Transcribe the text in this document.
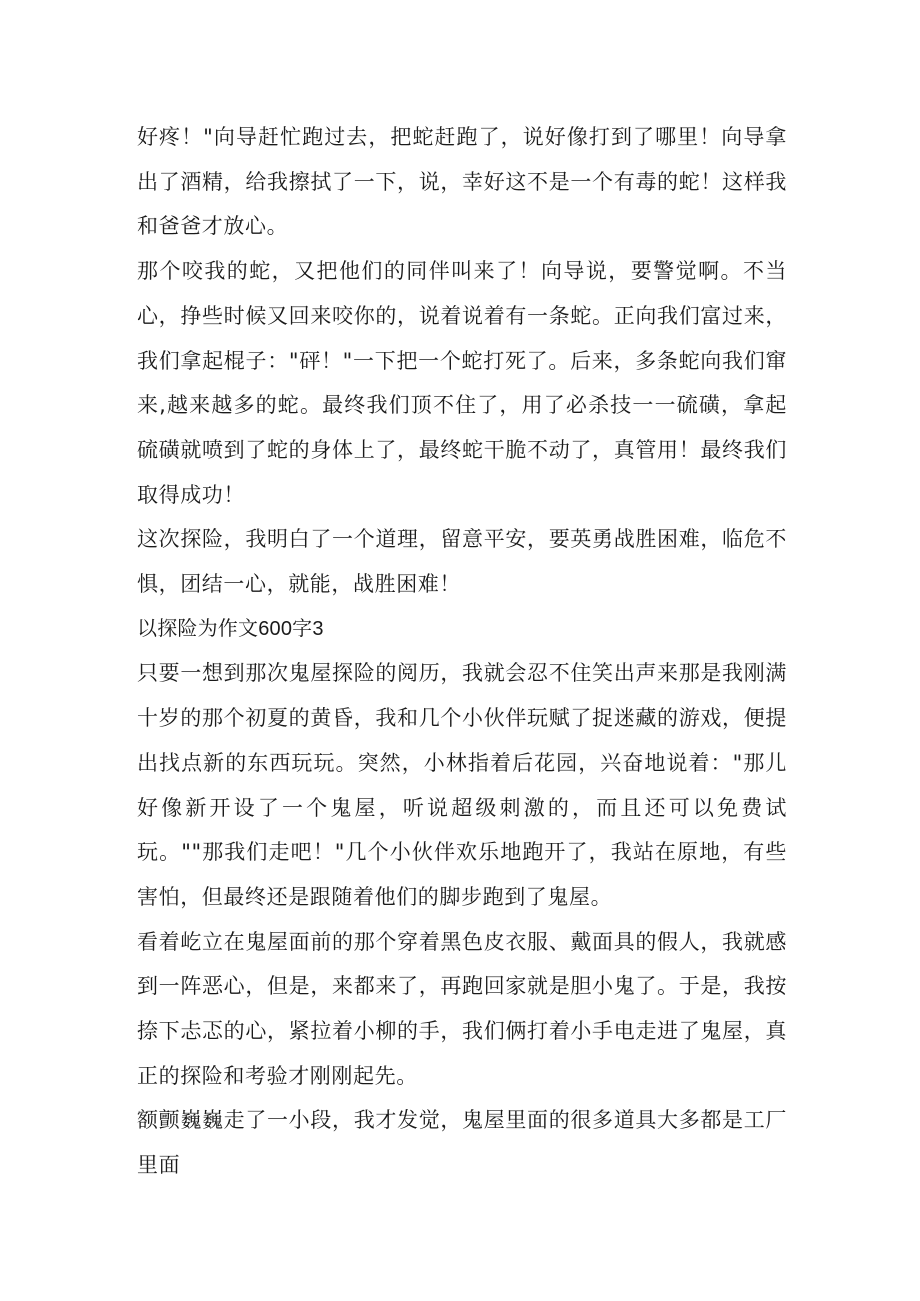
好疼！"向导赶忙跑过去，把蛇赶跑了，说好像打到了哪里！向导拿出了酒精，给我擦拭了一下，说，幸好这不是一个有毒的蛇！这样我和爸爸才放心。

那个咬我的蛇，又把他们的同伴叫来了！向导说，要警觉啊。不当心，挣些时候又回来咬你的，说着说着有一条蛇。正向我们富过来，我们拿起棍子："砰！"一下把一个蛇打死了。后来，多条蛇向我们窜来,越来越多的蛇。最终我们顶不住了，用了必杀技一一硫磺，拿起硫磺就喷到了蛇的身体上了，最终蛇干脆不动了，真管用！最终我们取得成功！

这次探险，我明白了一个道理，留意平安，要英勇战胜困难，临危不惧，团结一心，就能，战胜困难！

以探险为作文600字3

只要一想到那次鬼屋探险的阅历，我就会忍不住笑出声来那是我刚满十岁的那个初夏的黄昏，我和几个小伙伴玩赋了捉迷藏的游戏，便提出找点新的东西玩玩。突然，小林指着后花园，兴奋地说着："那儿好像新开设了一个鬼屋，听说超级刺激的，而且还可以免费试玩。""那我们走吧！"几个小伙伴欢乐地跑开了，我站在原地，有些害怕，但最终还是跟随着他们的脚步跑到了鬼屋。

看着屹立在鬼屋面前的那个穿着黑色皮衣服、戴面具的假人，我就感到一阵恶心，但是，来都来了，再跑回家就是胆小鬼了。于是，我按捺下忐忑的心，紧拉着小柳的手，我们俩打着小手电走进了鬼屋，真正的探险和考验才刚刚起先。

额颤巍巍走了一小段，我才发觉，鬼屋里面的很多道具大多都是工厂里面
